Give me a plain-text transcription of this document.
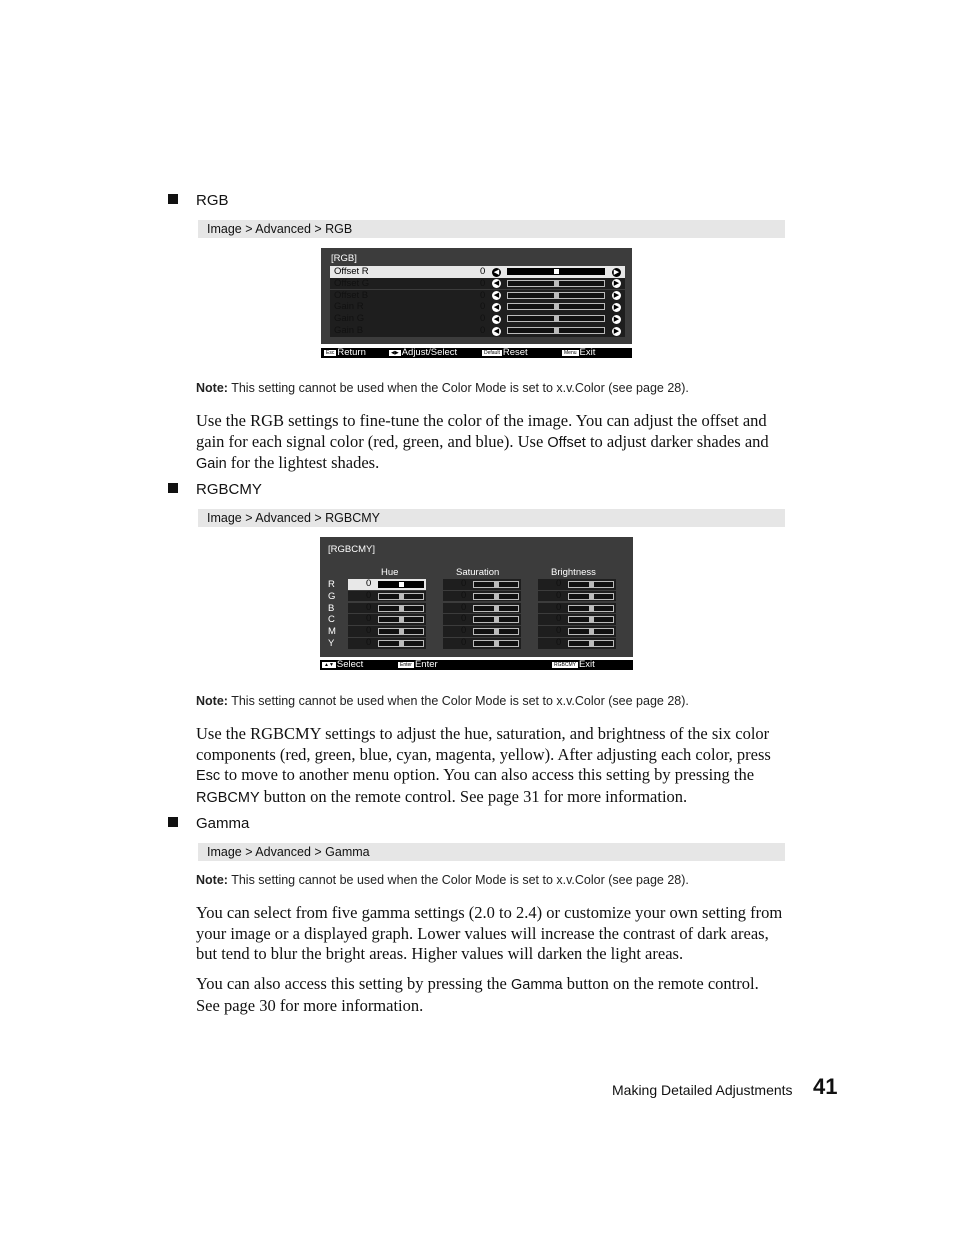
RGB
Image > Advanced > RGB
[RGB]
Offset R	0 ◀	▶
Offset G	0 ◀	▶
Offset B	0 ◀	▶
Gain R	0 ◀	▶
Gain G	0 ◀	▶
Gain B	0 ◀	▶
Esc Return	◀▶ Adjust/Select	Default Reset	Menu Exit
Note: This setting cannot be used when the Color Mode is set to x.v.Color (see page 28).

Use the RGB settings to fine-tune the color of the image. You can adjust the offset and gain for each signal color (red, green, and blue). Use Offset to adjust darker shades and Gain for the lightest shades.

RGBCMY
Image > Advanced > RGBCMY
[RGBCMY]
Hue	Saturation	Brightness
R	0	0	0
G	0	0	0
B	0	0	0
C	0	0	0
M	0	0	0
Y	0	0	0
▲▼ Select	Enter Enter	RGBCMY Exit
Note: This setting cannot be used when the Color Mode is set to x.v.Color (see page 28).

Use the RGBCMY settings to adjust the hue, saturation, and brightness of the six color components (red, green, blue, cyan, magenta, yellow). After adjusting each color, press Esc to move to another menu option. You can also access this setting by pressing the RGBCMY button on the remote control. See page 31 for more information.

Gamma
Image > Advanced > Gamma
Note: This setting cannot be used when the Color Mode is set to x.v.Color (see page 28).

You can select from five gamma settings (2.0 to 2.4) or customize your own setting from your image or a displayed graph. Lower values will increase the contrast of dark areas, but tend to blur the bright areas. Higher values will darken the light areas.

You can also access this setting by pressing the Gamma button on the remote control. See page 30 for more information.

Making Detailed Adjustments 41
